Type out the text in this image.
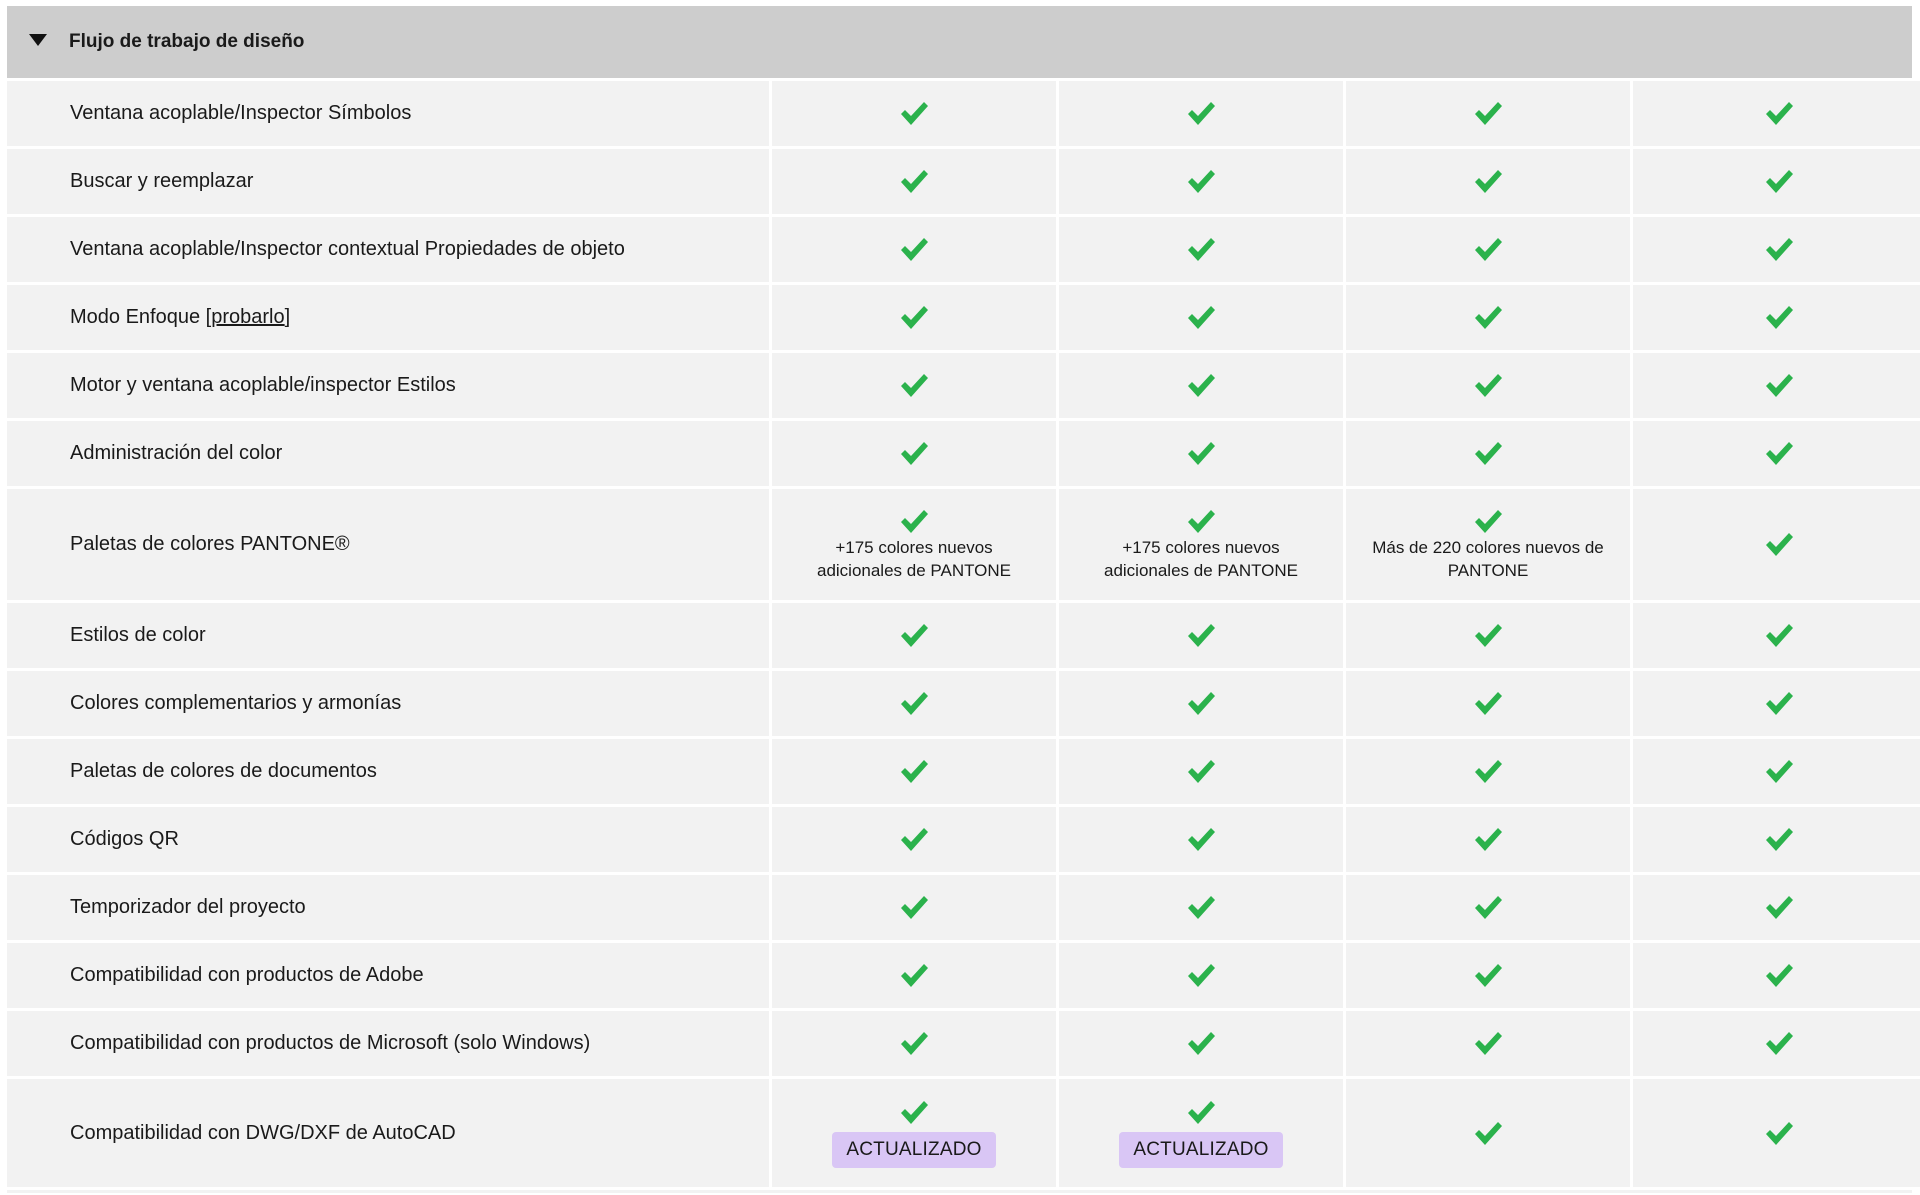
Flujo de trabajo de diseño
Ventana acoplable/Inspector Símbolos
Buscar y reemplazar
Ventana acoplable/Inspector contextual Propiedades de objeto
Modo Enfoque [probarlo]
Motor y ventana acoplable/inspector Estilos
Administración del color
Paletas de colores PANTONE®	+175 colores nuevos adicionales de PANTONE
+175 colores nuevos adicionales de PANTONE
Más de 220 colores nuevos de PANTONE
Estilos de color
Colores complementarios y armonías
Paletas de colores de documentos
Códigos QR
Temporizador del proyecto
Compatibilidad con productos de Adobe
Compatibilidad con productos de Microsoft (solo Windows)
Compatibilidad con DWG/DXF de AutoCAD
ACTUALIZADO	ACTUALIZADO
